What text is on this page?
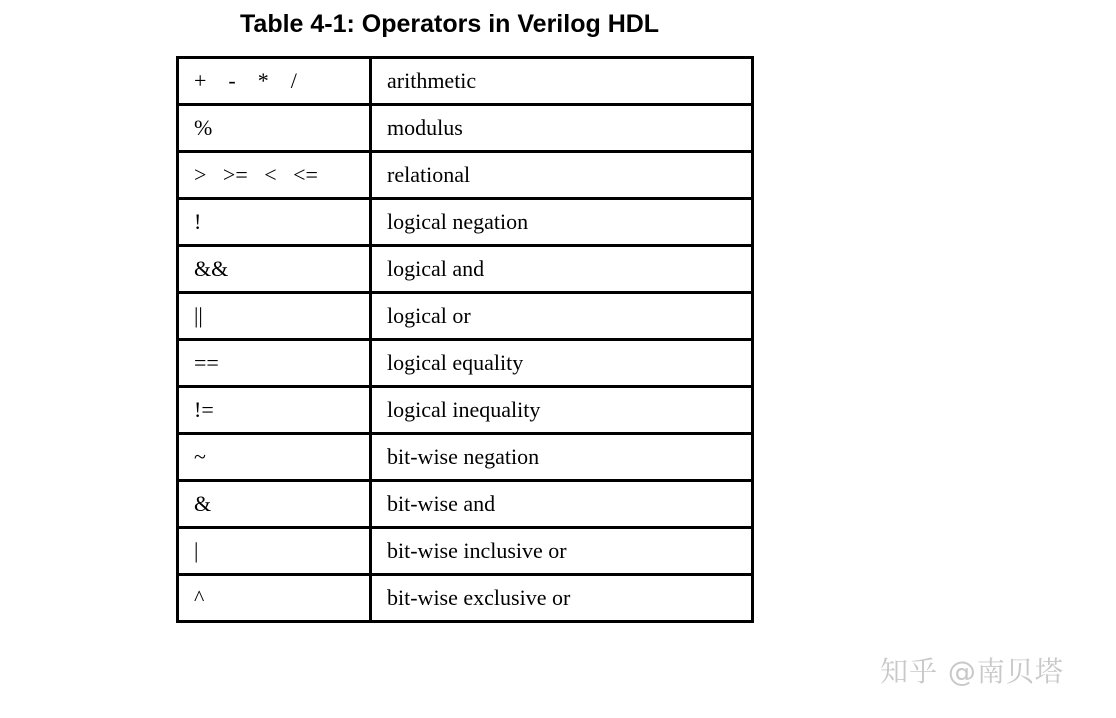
Table 4-1: Operators in Verilog HDL
+    -    *    /	arithmetic
%	modulus
>   >=   <   <=	relational
!	logical negation
&&	logical and
||	logical or
==	logical equality
!=	logical inequality
~	bit-wise negation
&	bit-wise and
|	bit-wise inclusive or
^	bit-wise exclusive or
知乎 @南贝塔
